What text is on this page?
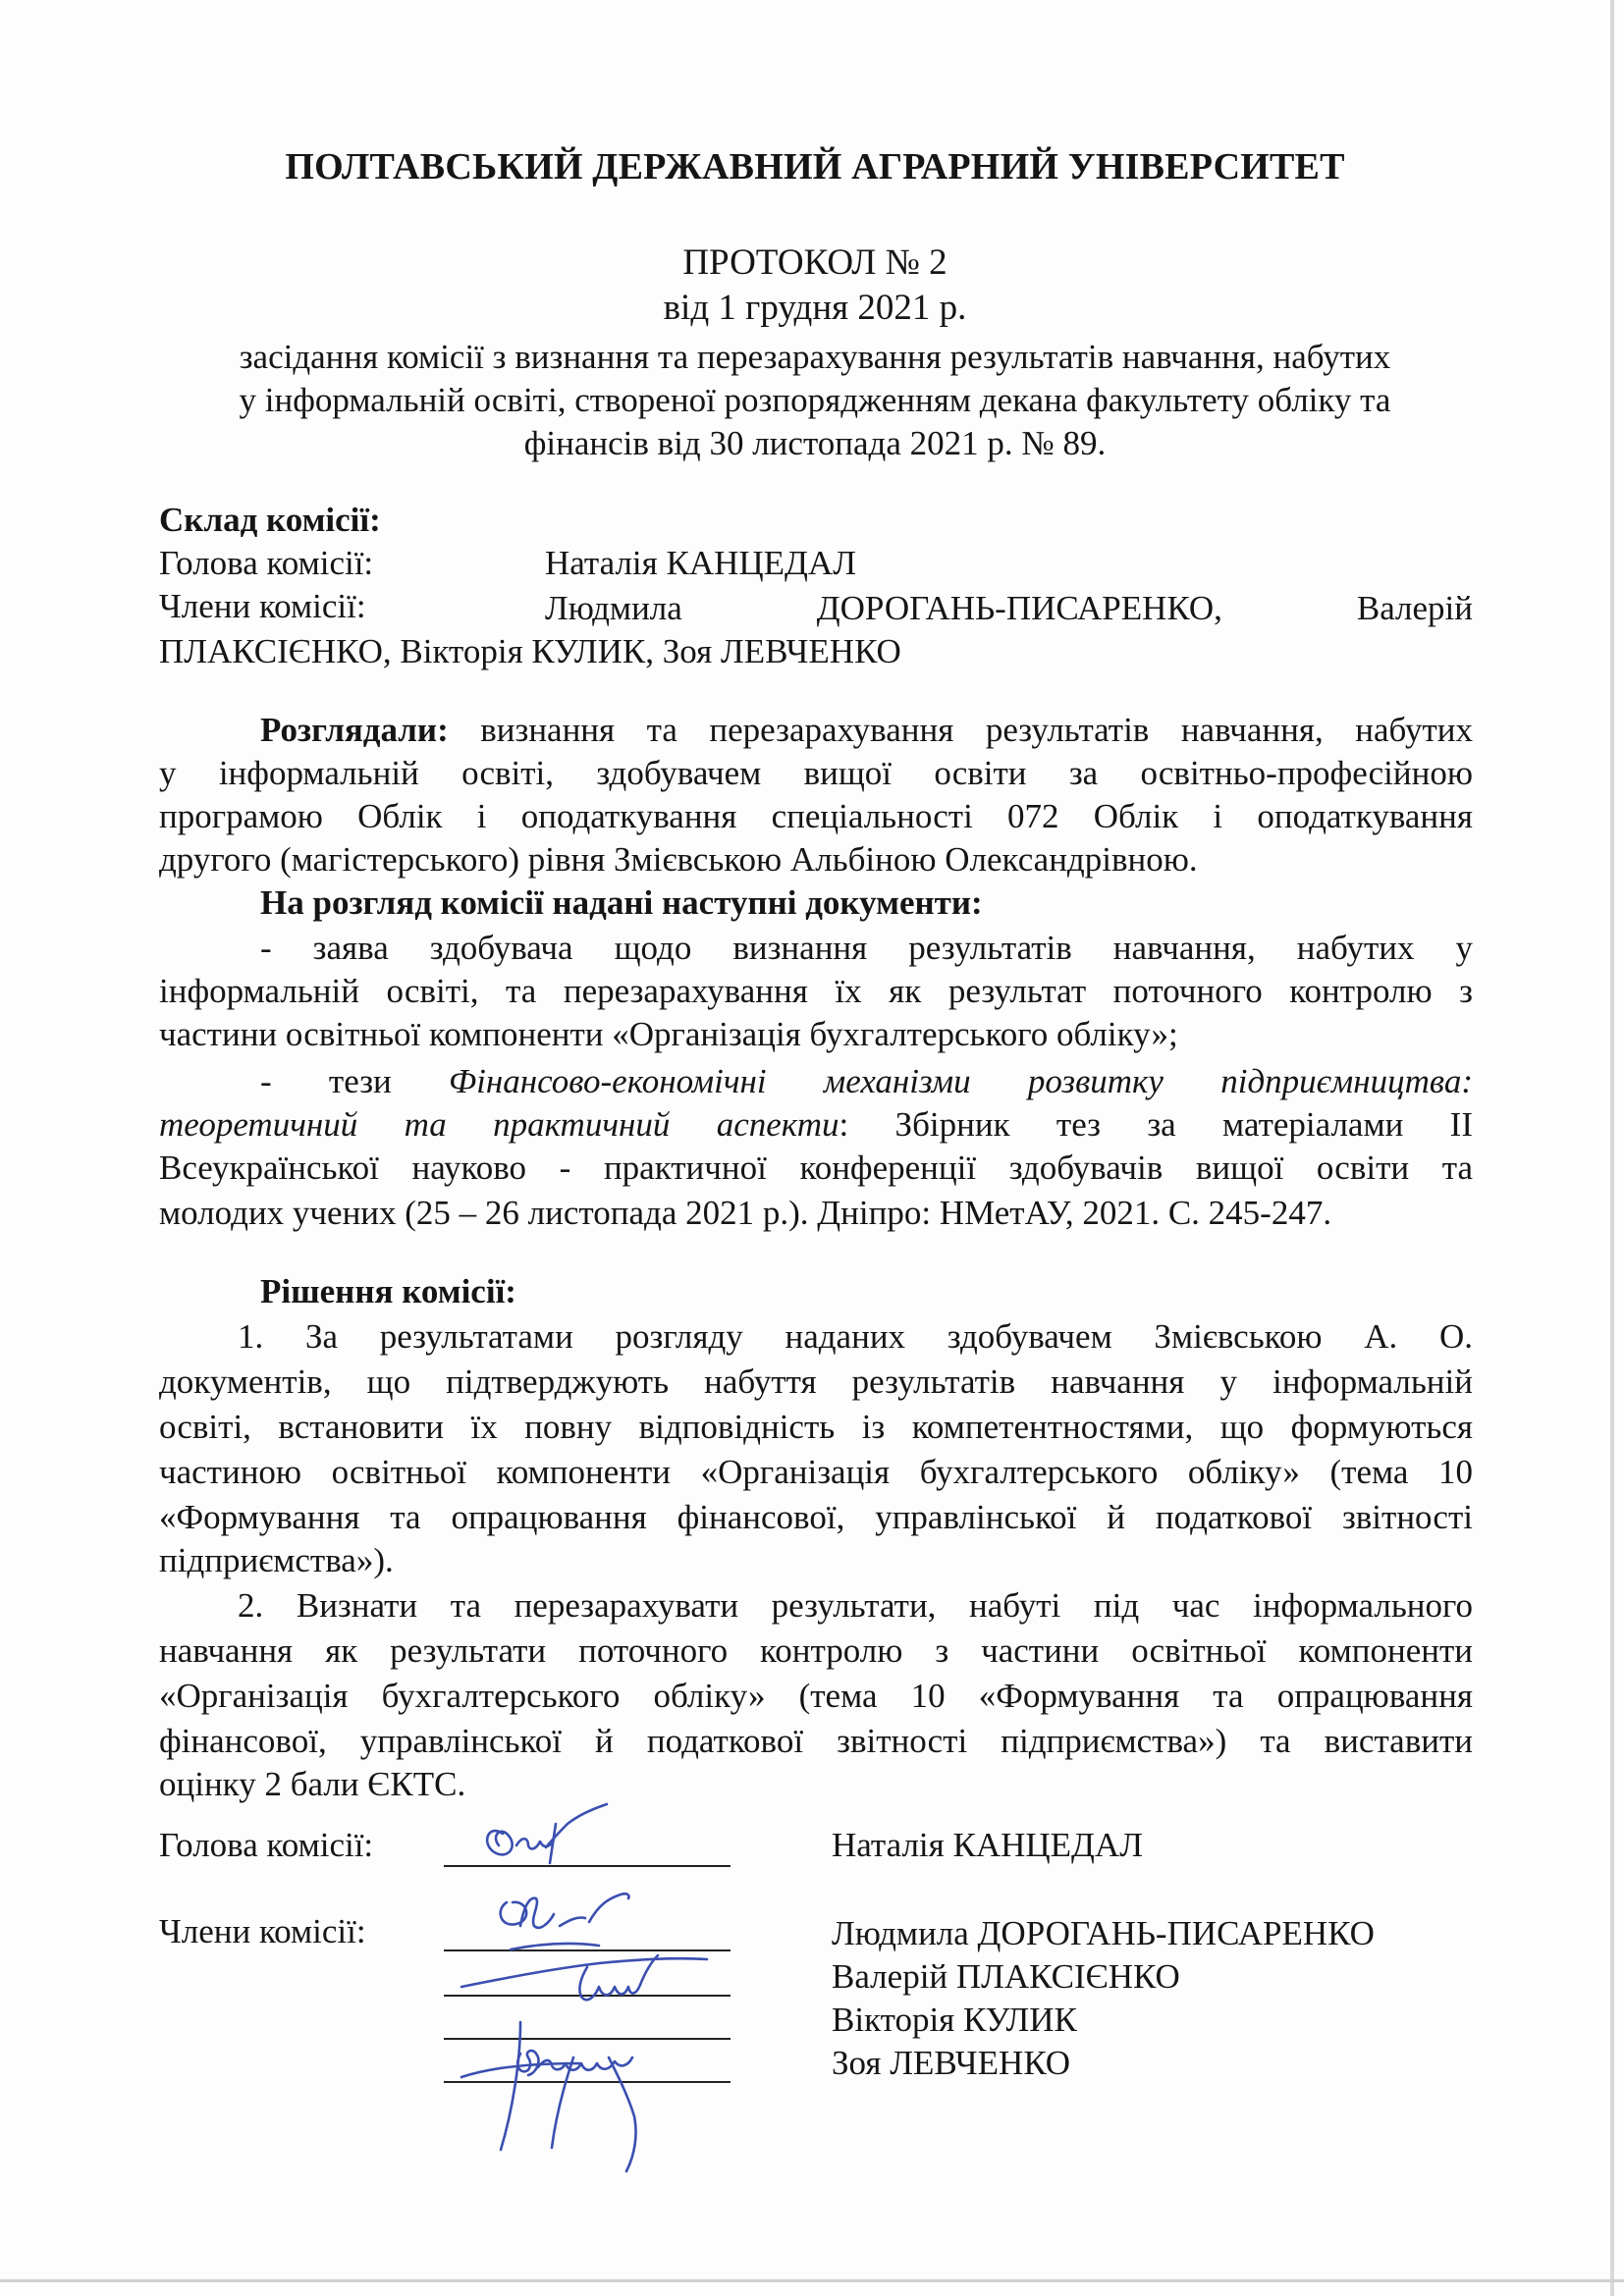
ПОЛТАВСЬКИЙ ДЕРЖАВНИЙ АГРАРНИЙ УНІВЕРСИТЕТ
ПРОТОКОЛ № 2
від 1 грудня 2021 р.
засідання комісії з визнання та перезарахування результатів навчання, набутих
у інформальній освіті, створеної розпорядженням декана факультету обліку та
фінансів від 30 листопада 2021 р. № 89.
Склад комісії:
Голова комісії:	Наталія КАНЦЕДАЛ
Члени комісії:	Людмила ДОРОГАНЬ-ПИСАРЕНКО, Валерій
ПЛАКСІЄНКО, Вікторія КУЛИК, Зоя ЛЕВЧЕНКО
Розглядали: визнання та перезарахування результатів навчання, набутих
у інформальній освіті, здобувачем вищої освіти за освітньо-професійною
програмою Облік і оподаткування спеціальності 072 Облік і оподаткування
другого (магістерського) рівня Змієвською Альбіною Олександрівною.
На розгляд комісії надані наступні документи:
- заява здобувача щодо визнання результатів навчання, набутих у
інформальній освіті, та перезарахування їх як результат поточного контролю з
частини освітньої компоненти «Організація бухгалтерського обліку»;
- тези Фінансово-економічні механізми розвитку підприємництва:
теоретичний та практичний аспекти: Збірник тез за матеріалами ІІ
Всеукраїнської науково - практичної конференції здобувачів вищої освіти та
молодих учених (25 – 26 листопада 2021 р.). Дніпро: НМетАУ, 2021. С. 245-247.
Рішення комісії:
1. За результатами розгляду наданих здобувачем Змієвською А. О.
документів, що підтверджують набуття результатів навчання у інформальній
освіті, встановити їх повну відповідність із компетентностями, що формуються
частиною освітньої компоненти «Організація бухгалтерського обліку» (тема 10
«Формування та опрацювання фінансової, управлінської й податкової звітності
підприємства»).
2. Визнати та перезарахувати результати, набуті під час інформального
навчання як результати поточного контролю з частини освітньої компоненти
«Організація бухгалтерського обліку» (тема 10 «Формування та опрацювання
фінансової, управлінської й податкової звітності підприємства») та виставити
оцінку 2 бали ЄКТС.
Голова комісії:	Наталія КАНЦЕДАЛ
Члени комісії:	Людмила ДОРОГАНЬ-ПИСАРЕНКО
Валерій ПЛАКСІЄНКО
Вікторія КУЛИК
Зоя ЛЕВЧЕНКО
